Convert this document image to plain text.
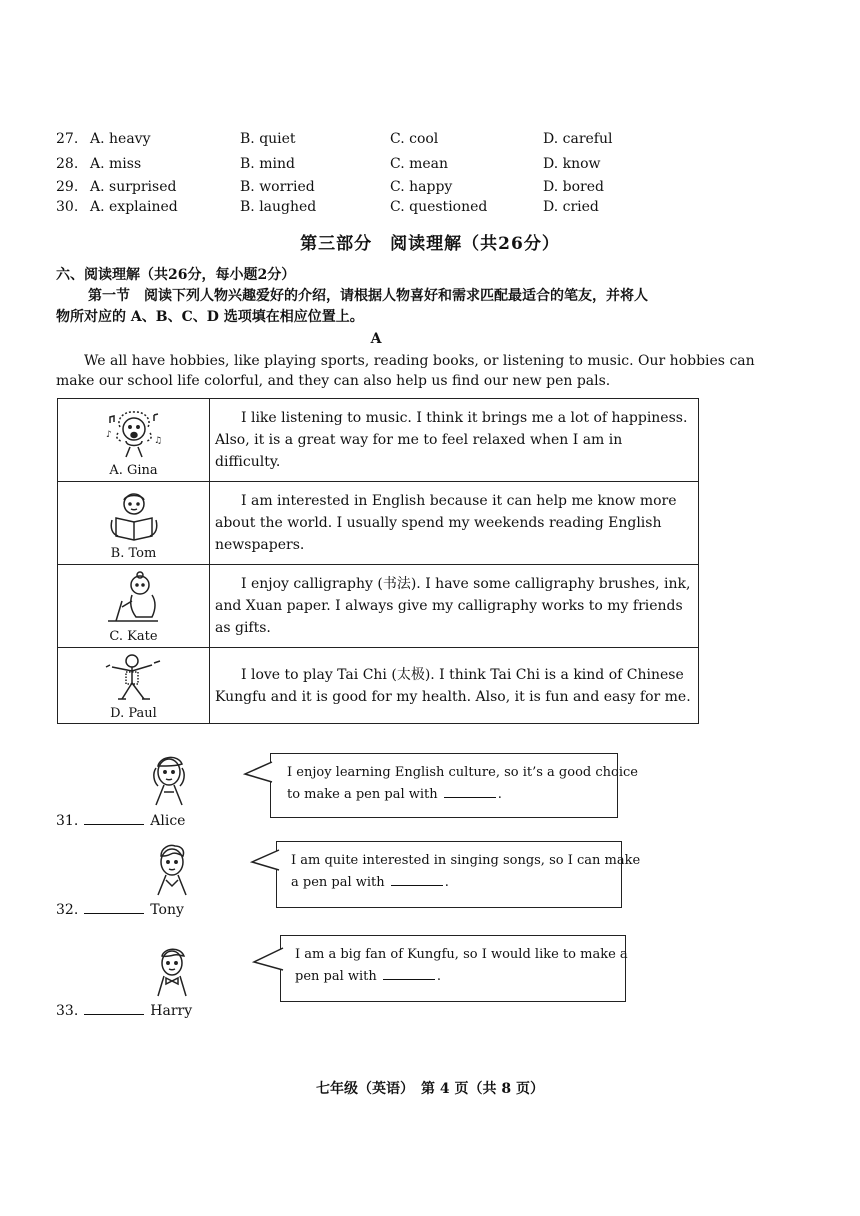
27. A. heavy	B. quiet	C. cool	D. careful
28. A. miss	B. mind	C. mean	D. know
29. A. surprised	B. worried	C. happy	D. bored
30. A. explained	B. laughed	C. questioned	D. cried
第三部分　阅读理解（共26分）
六、阅读理解（共26分，每小题2分）
第一节　阅读下列人物兴趣爱好的介绍，请根据人物喜好和需求匹配最适合的笔友，并将人
物所对应的 A、B、C、D 选项填在相应位置上。
A
We all have hobbies, like playing sports, reading books, or listening to music. Our hobbies can
make our school life colorful, and they can also help us find our new pen pals.
♪
♫
A. Gina	I like listening to music. I think it brings me a lot of happiness. Also, it is a great way for me to feel relaxed when I am in difficulty.

B. Tom	I am interested in English because it can help me know more about the world. I usually spend my weekends reading English newspapers.

C. Kate	I enjoy calligraphy (书法). I have some calligraphy brushes, ink, and Xuan paper. I always give my calligraphy works to my friends as gifts.

D. Paul	I love to play Tai Chi (太极). I think Tai Chi is a kind of Chinese Kungfu and it is good for my health. Also, it is fun and easy for me.
I enjoy learning English culture, so it’s a good choice
to make a pen pal with	.
31.	Alice
I am quite interested in singing songs, so I can make
a pen pal with	.
32.	Tony
I am a big fan of Kungfu, so I would like to make a
pen pal with	.
33.	Harry
七年级（英语）　第 4 页（共 8 页）
